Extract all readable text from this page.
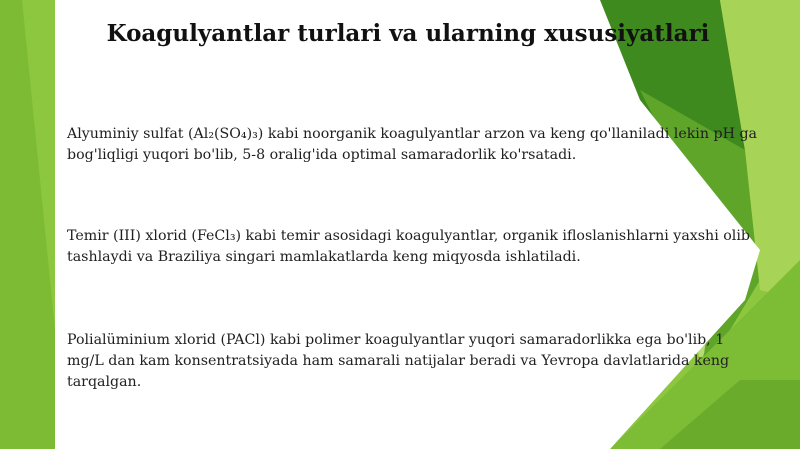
Koagulyantlar turlari va ularning xususiyatlari

Alyuminiy sulfat (Al₂(SO₄)₃) kabi noorganik koagulyantlar arzon va keng qo'llaniladi lekin pH ga bog'liqligi yuqori bo'lib, 5-8 oralig'ida optimal samaradorlik ko'rsatadi.

Temir (III) xlorid (FeCl₃) kabi temir asosidagi koagulyantlar, organik ifloslanishlarni yaxshi olib tashlaydi va Braziliya singari mamlakatlarda keng miqyosda ishlatiladi.

Polialüminium xlorid (PACl) kabi polimer koagulyantlar yuqori samaradorlikka ega bo'lib, 1 mg/L dan kam konsentratsiyada ham samarali natijalar beradi va Yevropa davlatlarida keng tarqalgan.
